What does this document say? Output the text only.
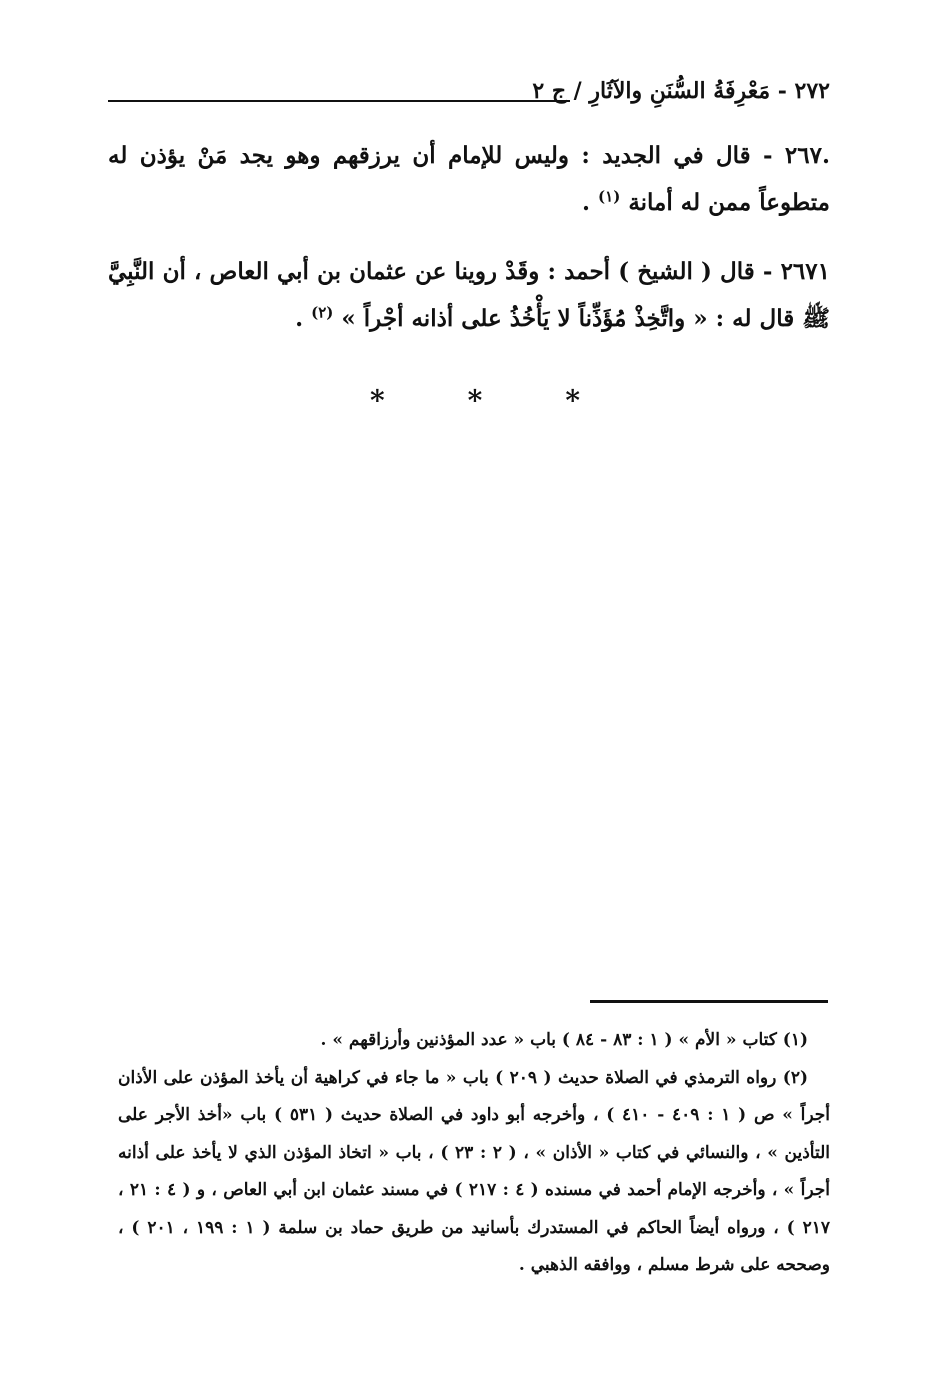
٢٧٢ - مَعْرِفَةُ السُّنَنِ والآثَارِ / ج ٢

.٢٦٧ - قال في الجديد : وليس للإمام أن يرزقهم وهو يجد مَنْ يؤذن له متطوعاً ممن له أمانة $^{(١)}$ .

٢٦٧١ - قال ( الشيخ ) أحمد : وقَدْ روينا عن عثمان بن أبي العاص ، أن النَّبِيَّ ﷺ قال له : « واتَّخِذْ مُؤَذِّناً لا يَأْخُذُ على أذانه أجْراً » $^{(٢)}$ .

*	*	*

(١) كتاب « الأم » ( ١ : ٨٣ - ٨٤ ) باب « عدد المؤذنين وأرزاقهم » .

(٢) رواه الترمذي في الصلاة حديث ( ٢٠٩ ) باب « ما جاء في كراهية أن يأخذ المؤذن على الأذان أجراً » ص ( ١ : ٤٠٩ - ٤١٠ ) ، وأخرجه أبو داود في الصلاة حديث ( ٥٣١ ) باب «أخذ الأجر على التأذين » ، والنسائي في كتاب « الأذان » ، ( ٢ : ٢٣ ) ، باب « اتخاذ المؤذن الذي لا يأخذ على أذانه أجراً » ، وأخرجه الإمام أحمد في مسنده ( ٤ : ٢١٧ ) في مسند عثمان ابن أبي العاص ، و ( ٤ : ٢١ ، ٢١٧ ) ، ورواه أيضاً الحاكم في المستدرك بأسانيد من طريق حماد بن سلمة ( ١ : ١٩٩ ، ٢٠١ ) ، وصححه على شرط مسلم ، ووافقه الذهبي .
